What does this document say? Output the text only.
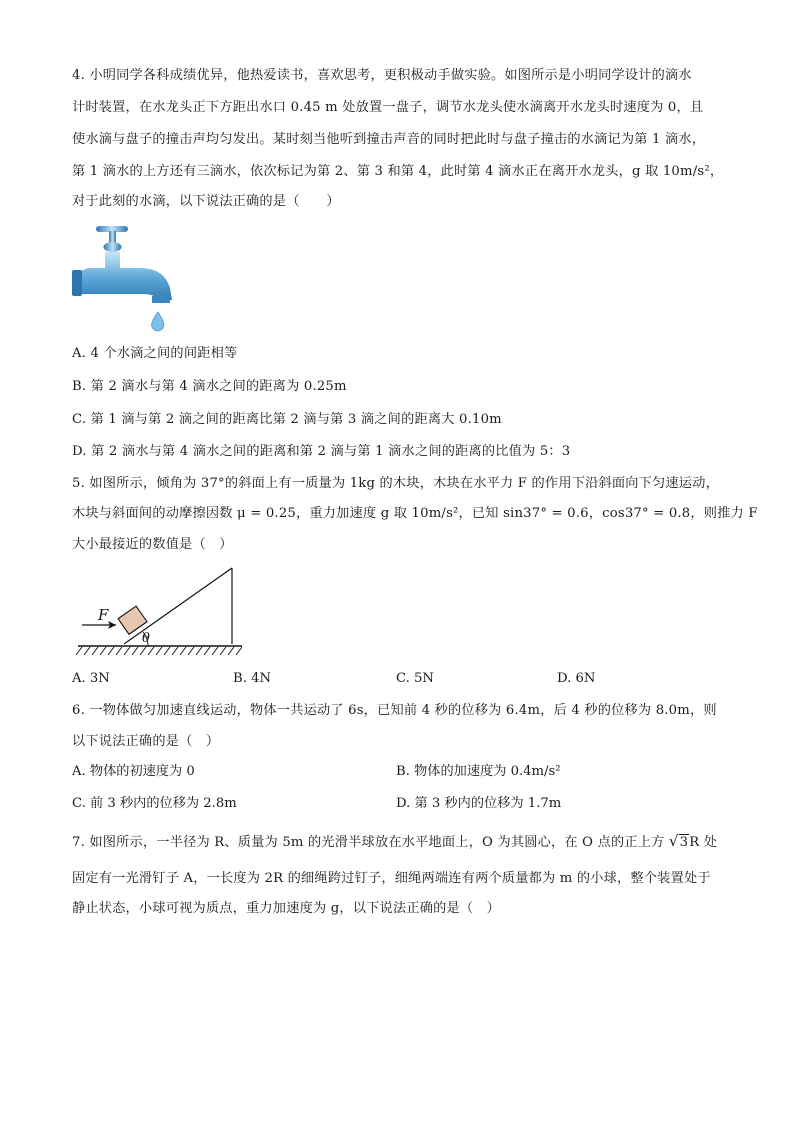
4. 小明同学各科成绩优异，他热爱读书，喜欢思考，更积极动手做实验。如图所示是小明同学设计的滴水
计时装置，在水龙头正下方距出水口 0.45 m 处放置一盘子，调节水龙头使水滴离开水龙头时速度为 0，且
使水滴与盘子的撞击声均匀发出。某时刻当他听到撞击声音的同时把此时与盘子撞击的水滴记为第 1 滴水，
第 1 滴水的上方还有三滴水，依次标记为第 2、第 3 和第 4，此时第 4 滴水正在离开水龙头，g 取 10m/s²，
对于此刻的水滴，以下说法正确的是（　　）
A. 4 个水滴之间的间距相等
B. 第 2 滴水与第 4 滴水之间的距离为 0.25m
C. 第 1 滴与第 2 滴之间的距离比第 2 滴与第 3 滴之间的距离大 0.10m
D. 第 2 滴水与第 4 滴水之间的距离和第 2 滴与第 1 滴水之间的距离的比值为 5：3
5. 如图所示，倾角为 37°的斜面上有一质量为 1kg 的木块，木块在水平力 F 的作用下沿斜面向下匀速运动，
木块与斜面间的动摩擦因数 μ = 0.25，重力加速度 g 取 10m/s²，已知 sin37° = 0.6，cos37° = 0.8，则推力 F
大小最接近的数值是（　）
F
θ
A. 3N	B. 4N	C. 5N	D. 6N
6. 一物体做匀加速直线运动，物体一共运动了 6s，已知前 4 秒的位移为 6.4m，后 4 秒的位移为 8.0m，则
以下说法正确的是（　）
A. 物体的初速度为 0	B. 物体的加速度为 0.4m/s²
C. 前 3 秒内的位移为 2.8m	D. 第 3 秒内的位移为 1.7m
7. 如图所示，一半径为 R、质量为 5m 的光滑半球放在水平地面上，O 为其圆心，在 O 点的正上方 √3R 处
固定有一光滑钉子 A，一长度为 2R 的细绳跨过钉子，细绳两端连有两个质量都为 m 的小球，整个装置处于
静止状态，小球可视为质点，重力加速度为 g，以下说法正确的是（　）
